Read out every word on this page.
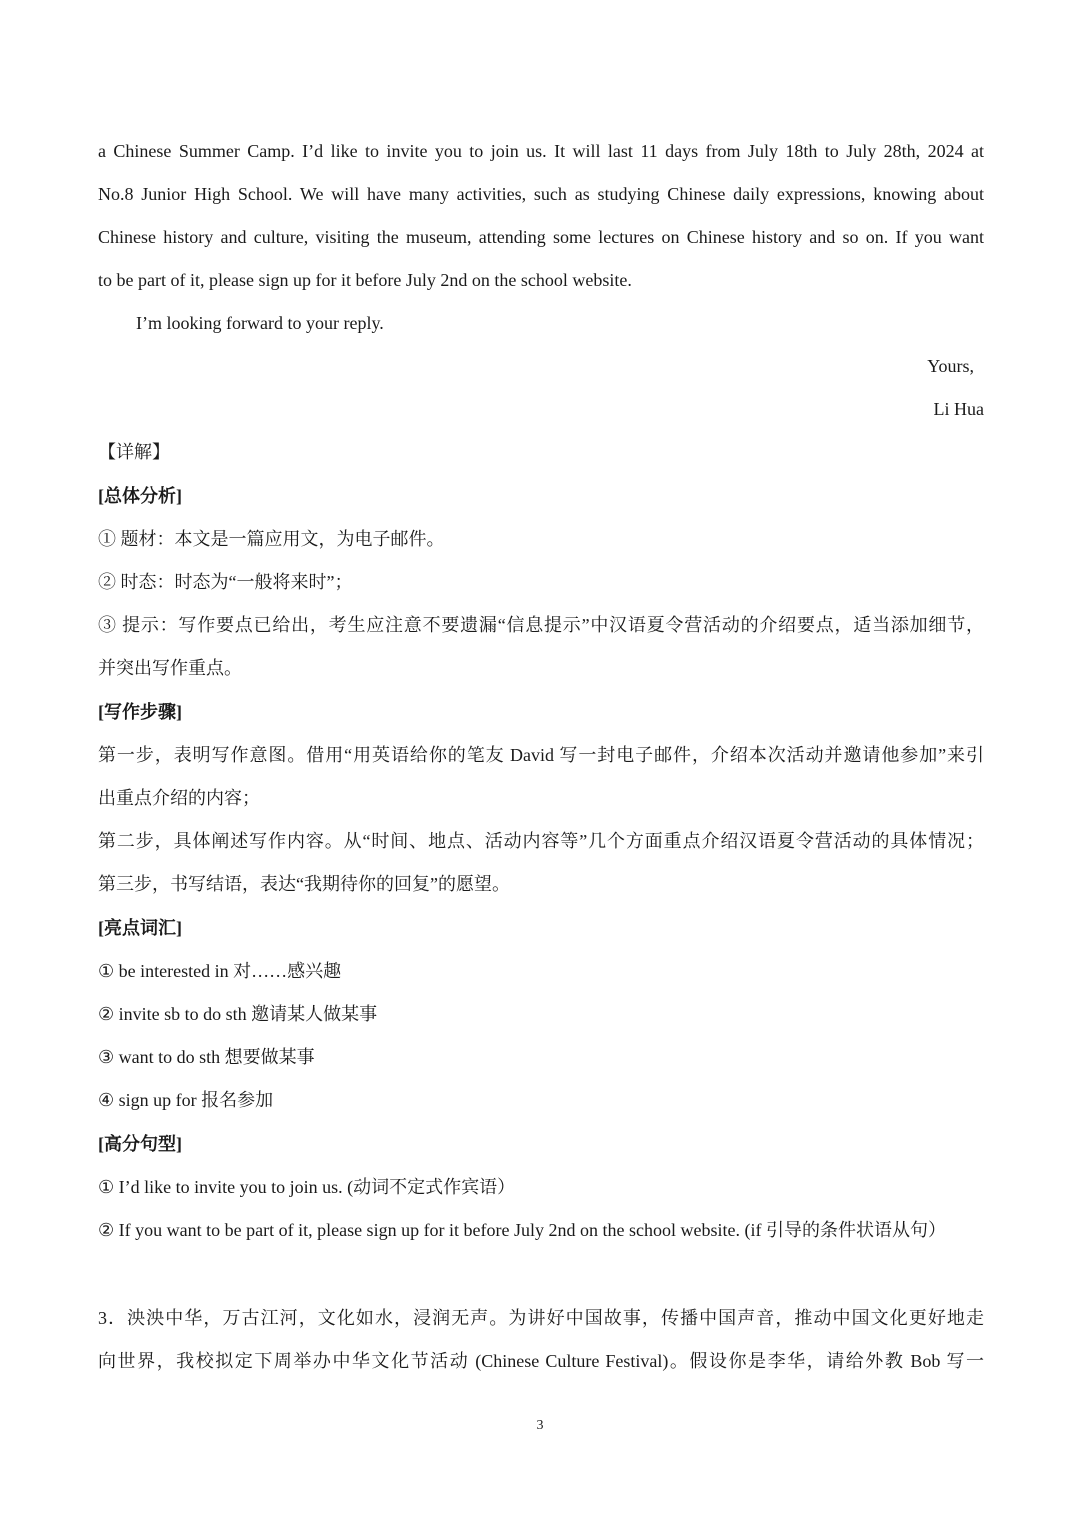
a Chinese Summer Camp. I’d like to invite you to join us. It will last 11 days from July 18th to July 28th, 2024 at
No.8 Junior High School. We will have many activities, such as studying Chinese daily expressions, knowing about
Chinese history and culture, visiting the museum, attending some lectures on Chinese history and so on. If you want
to be part of it, please sign up for it before July 2nd on the school website.
I’m looking forward to your reply.
Yours,
Li Hua
【详解】
[总体分析]
① 题材：本文是一篇应用文，为电子邮件。
② 时态：时态为“一般将来时”；
③ 提示：写作要点已给出，考生应注意不要遗漏“信息提示”中汉语夏令营活动的介绍要点，适当添加细节，
并突出写作重点。
[写作步骤]
第一步，表明写作意图。借用“用英语给你的笔友 David 写一封电子邮件，介绍本次活动并邀请他参加”来引
出重点介绍的内容；
第二步，具体阐述写作内容。从“时间、地点、活动内容等”几个方面重点介绍汉语夏令营活动的具体情况；
第三步，书写结语，表达“我期待你的回复”的愿望。
[亮点词汇]
① be interested in 对……感兴趣
② invite sb to do sth 邀请某人做某事
③ want to do sth 想要做某事
④ sign up for 报名参加
[高分句型]
① I’d like to invite you to join us. (动词不定式作宾语）
② If you want to be part of it, please sign up for it before July 2nd on the school website. (if 引导的条件状语从句）
3．泱泱中华，万古江河，文化如水，浸润无声。为讲好中国故事，传播中国声音，推动中国文化更好地走
向世界，我校拟定下周举办中华文化节活动 (Chinese Culture Festival)。假设你是李华，请给外教 Bob 写一
3
